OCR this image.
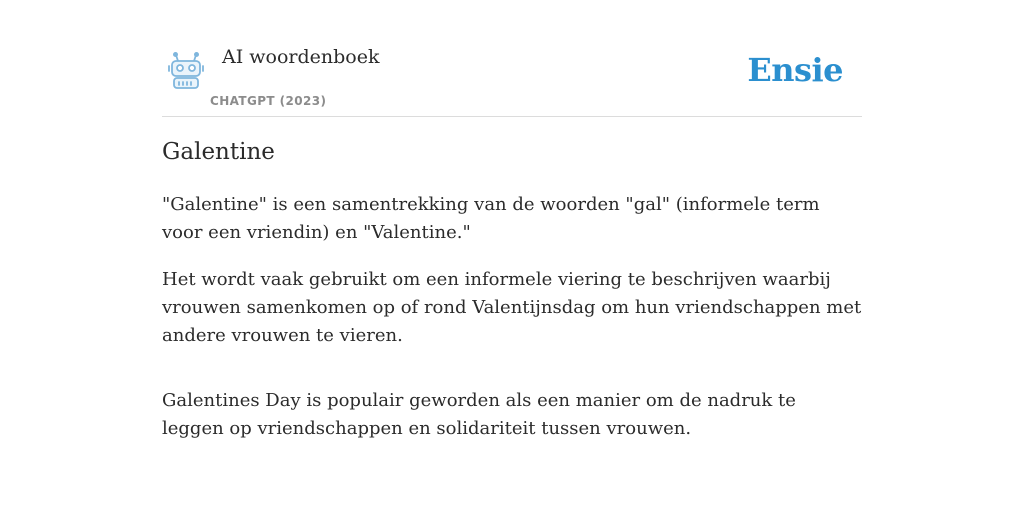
AI woordenboek
CHATGPT (2023)
Ensie
Galentine

"Galentine" is een samentrekking van de woorden "gal" (informele term voor een vriendin) en "Valentine."

Het wordt vaak gebruikt om een informele viering te beschrijven waarbij vrouwen samenkomen op of rond Valentijnsdag om hun vriendschappen met andere vrouwen te vieren.

Galentines Day is populair geworden als een manier om de nadruk te leggen op vriendschappen en solidariteit tussen vrouwen.
